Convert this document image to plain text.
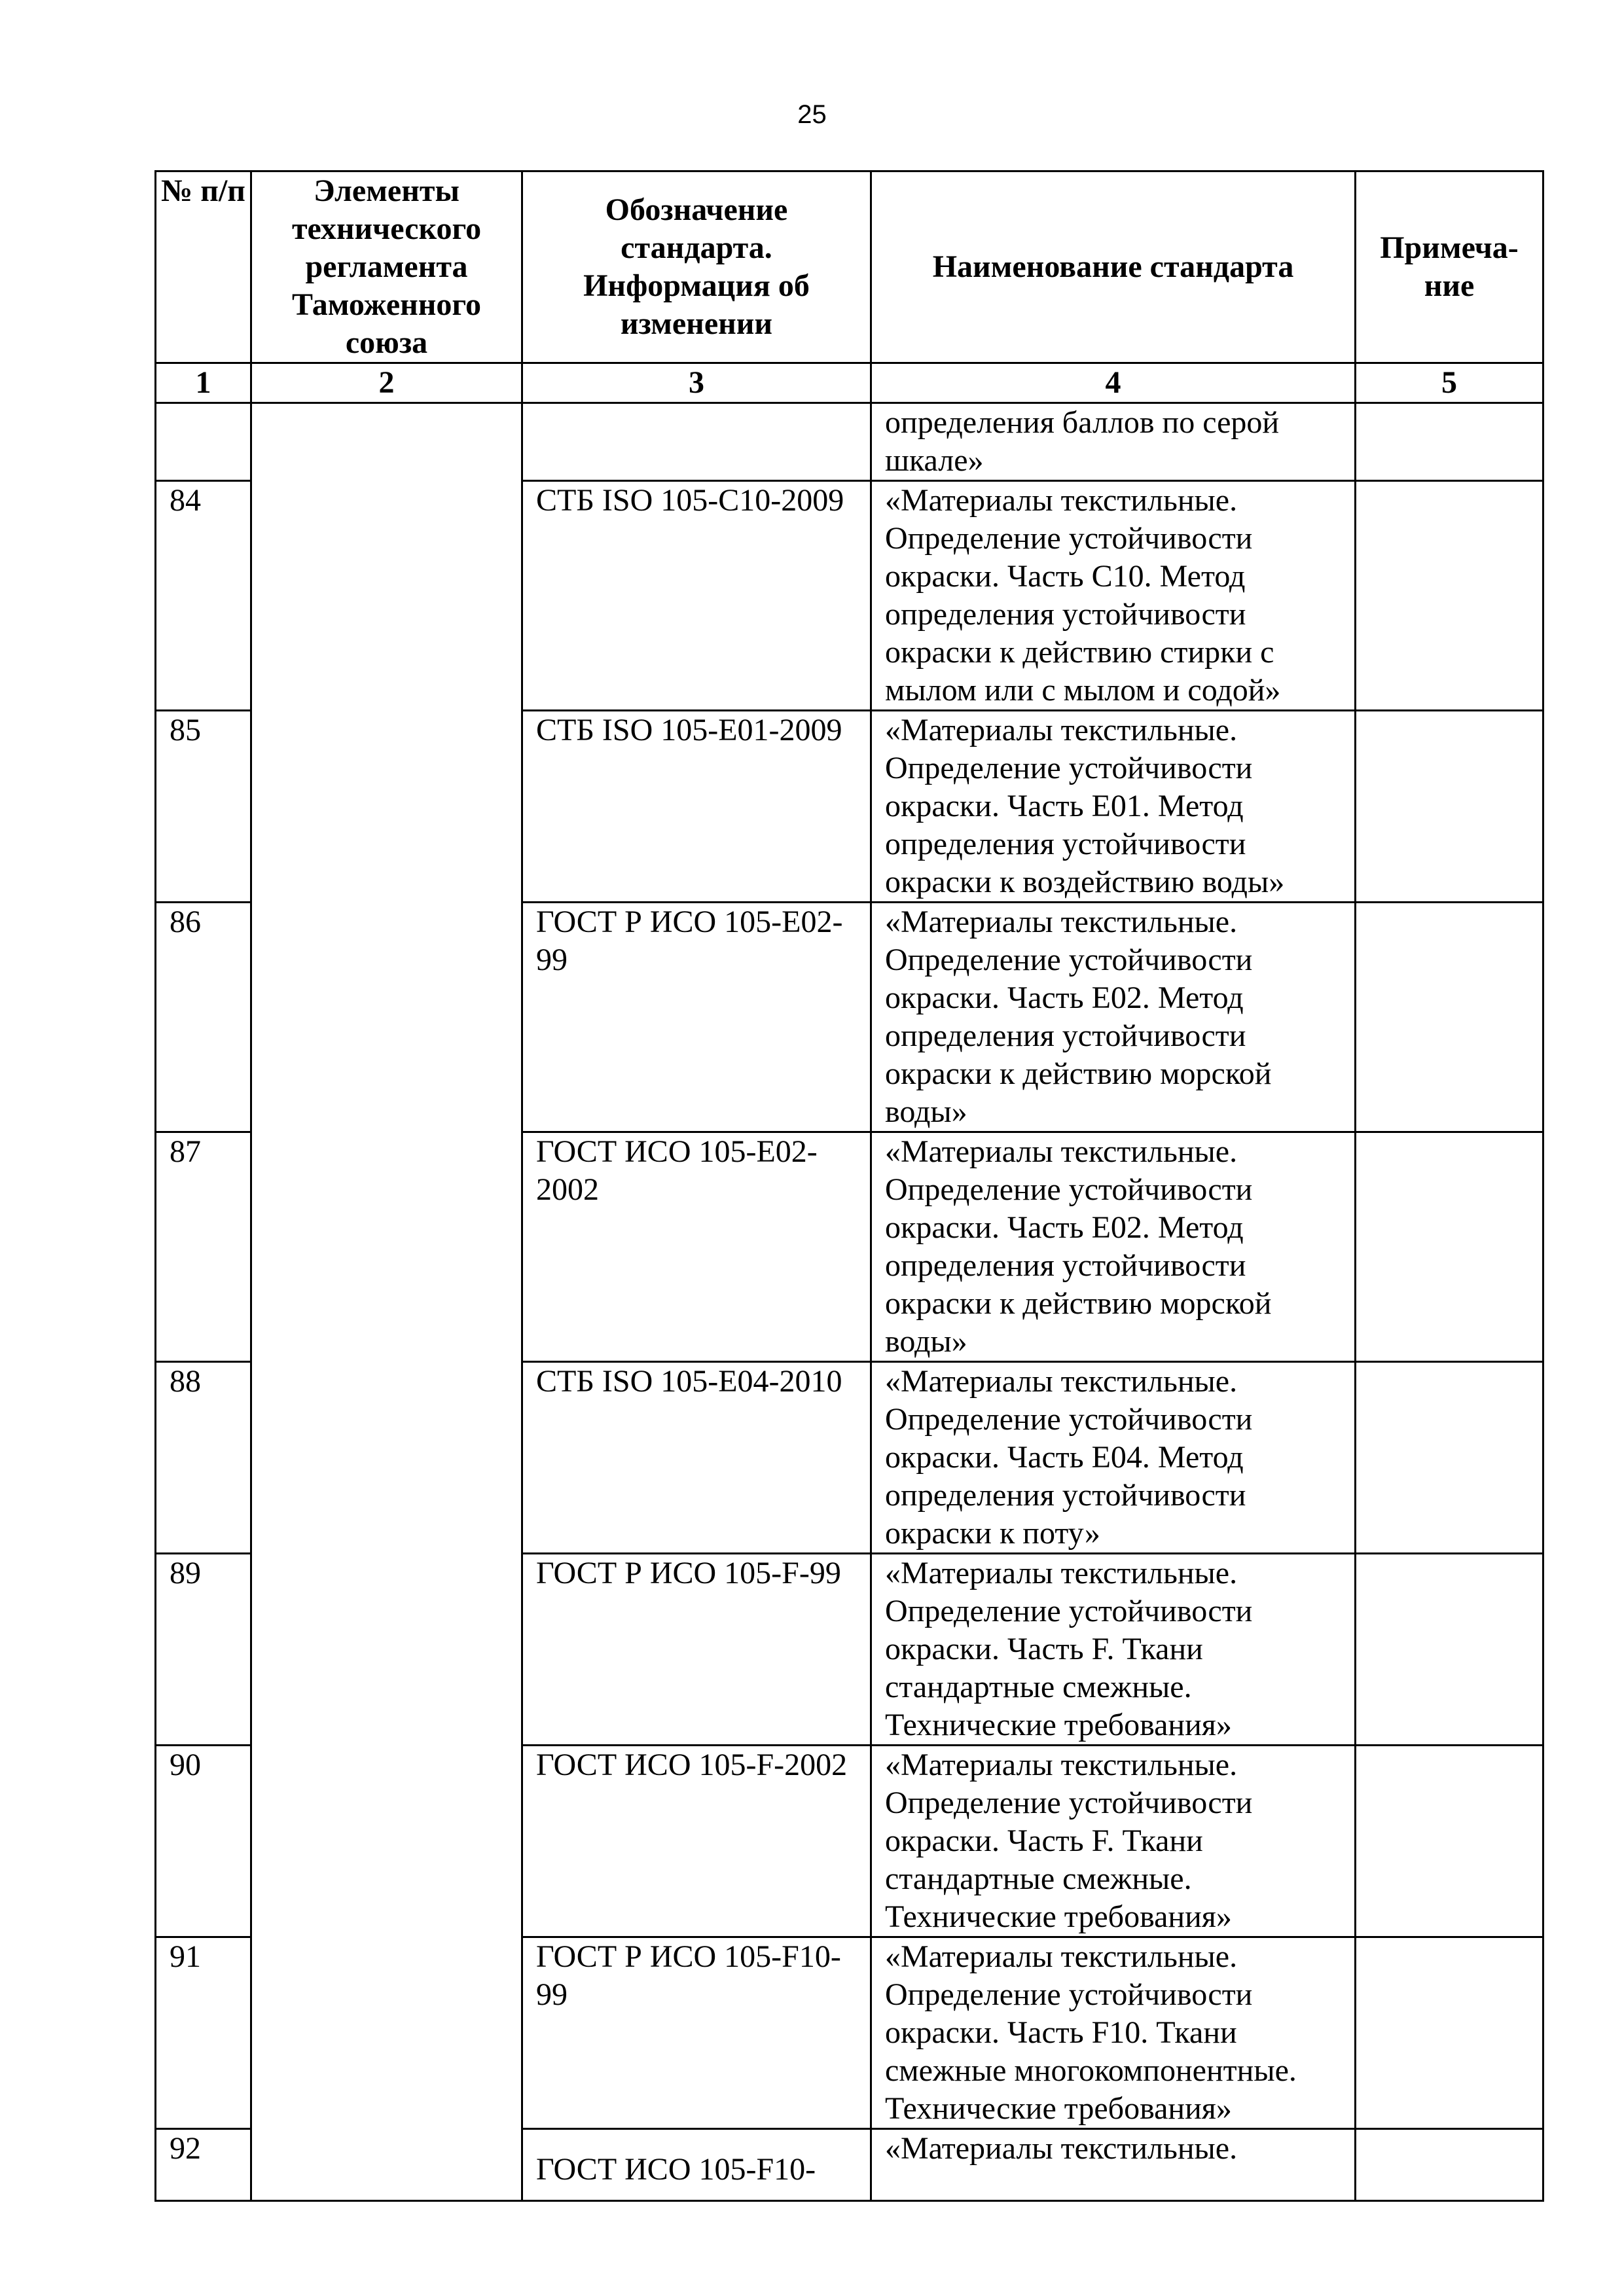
25
№ п/п	Элементы технического регламента Таможенного союза	Обозначение стандарта. Информация об изменении	Наименование стандарта	Примеча-ние
1	2	3	4	5
			определения баллов по серой шкале»	
84		СТБ ISO 105-C10-2009	«Материалы текстильные. Определение устойчивости окраски. Часть С10. Метод определения устойчивости окраски к действию стирки с мылом или с мылом и содой»	
85		СТБ ISO 105-E01-2009	«Материалы текстильные. Определение устойчивости окраски. Часть Е01. Метод определения устойчивости окраски к воздействию воды»	
86		ГОСТ Р ИСО 105-Е02-99	«Материалы текстильные. Определение устойчивости окраски. Часть Е02. Метод определения устойчивости окраски к действию морской воды»	
87		ГОСТ ИСО 105-Е02-2002	«Материалы текстильные. Определение устойчивости окраски. Часть Е02. Метод определения устойчивости окраски к действию морской воды»	
88		СТБ ISO 105-E04-2010	«Материалы текстильные. Определение устойчивости окраски. Часть Е04. Метод определения устойчивости окраски к поту»	
89		ГОСТ Р ИСО 105-F-99	«Материалы текстильные. Определение устойчивости окраски. Часть F. Ткани стандартные смежные. Технические требования»	
90		ГОСТ ИСО 105-F-2002	«Материалы текстильные. Определение устойчивости окраски. Часть F. Ткани стандартные смежные. Технические требования»	
91		ГОСТ Р ИСО 105-F10-99	«Материалы текстильные. Определение устойчивости окраски. Часть F10. Ткани смежные многокомпонентные. Технические требования»	
92		ГОСТ ИСО 105-F10-	«Материалы текстильные.	
